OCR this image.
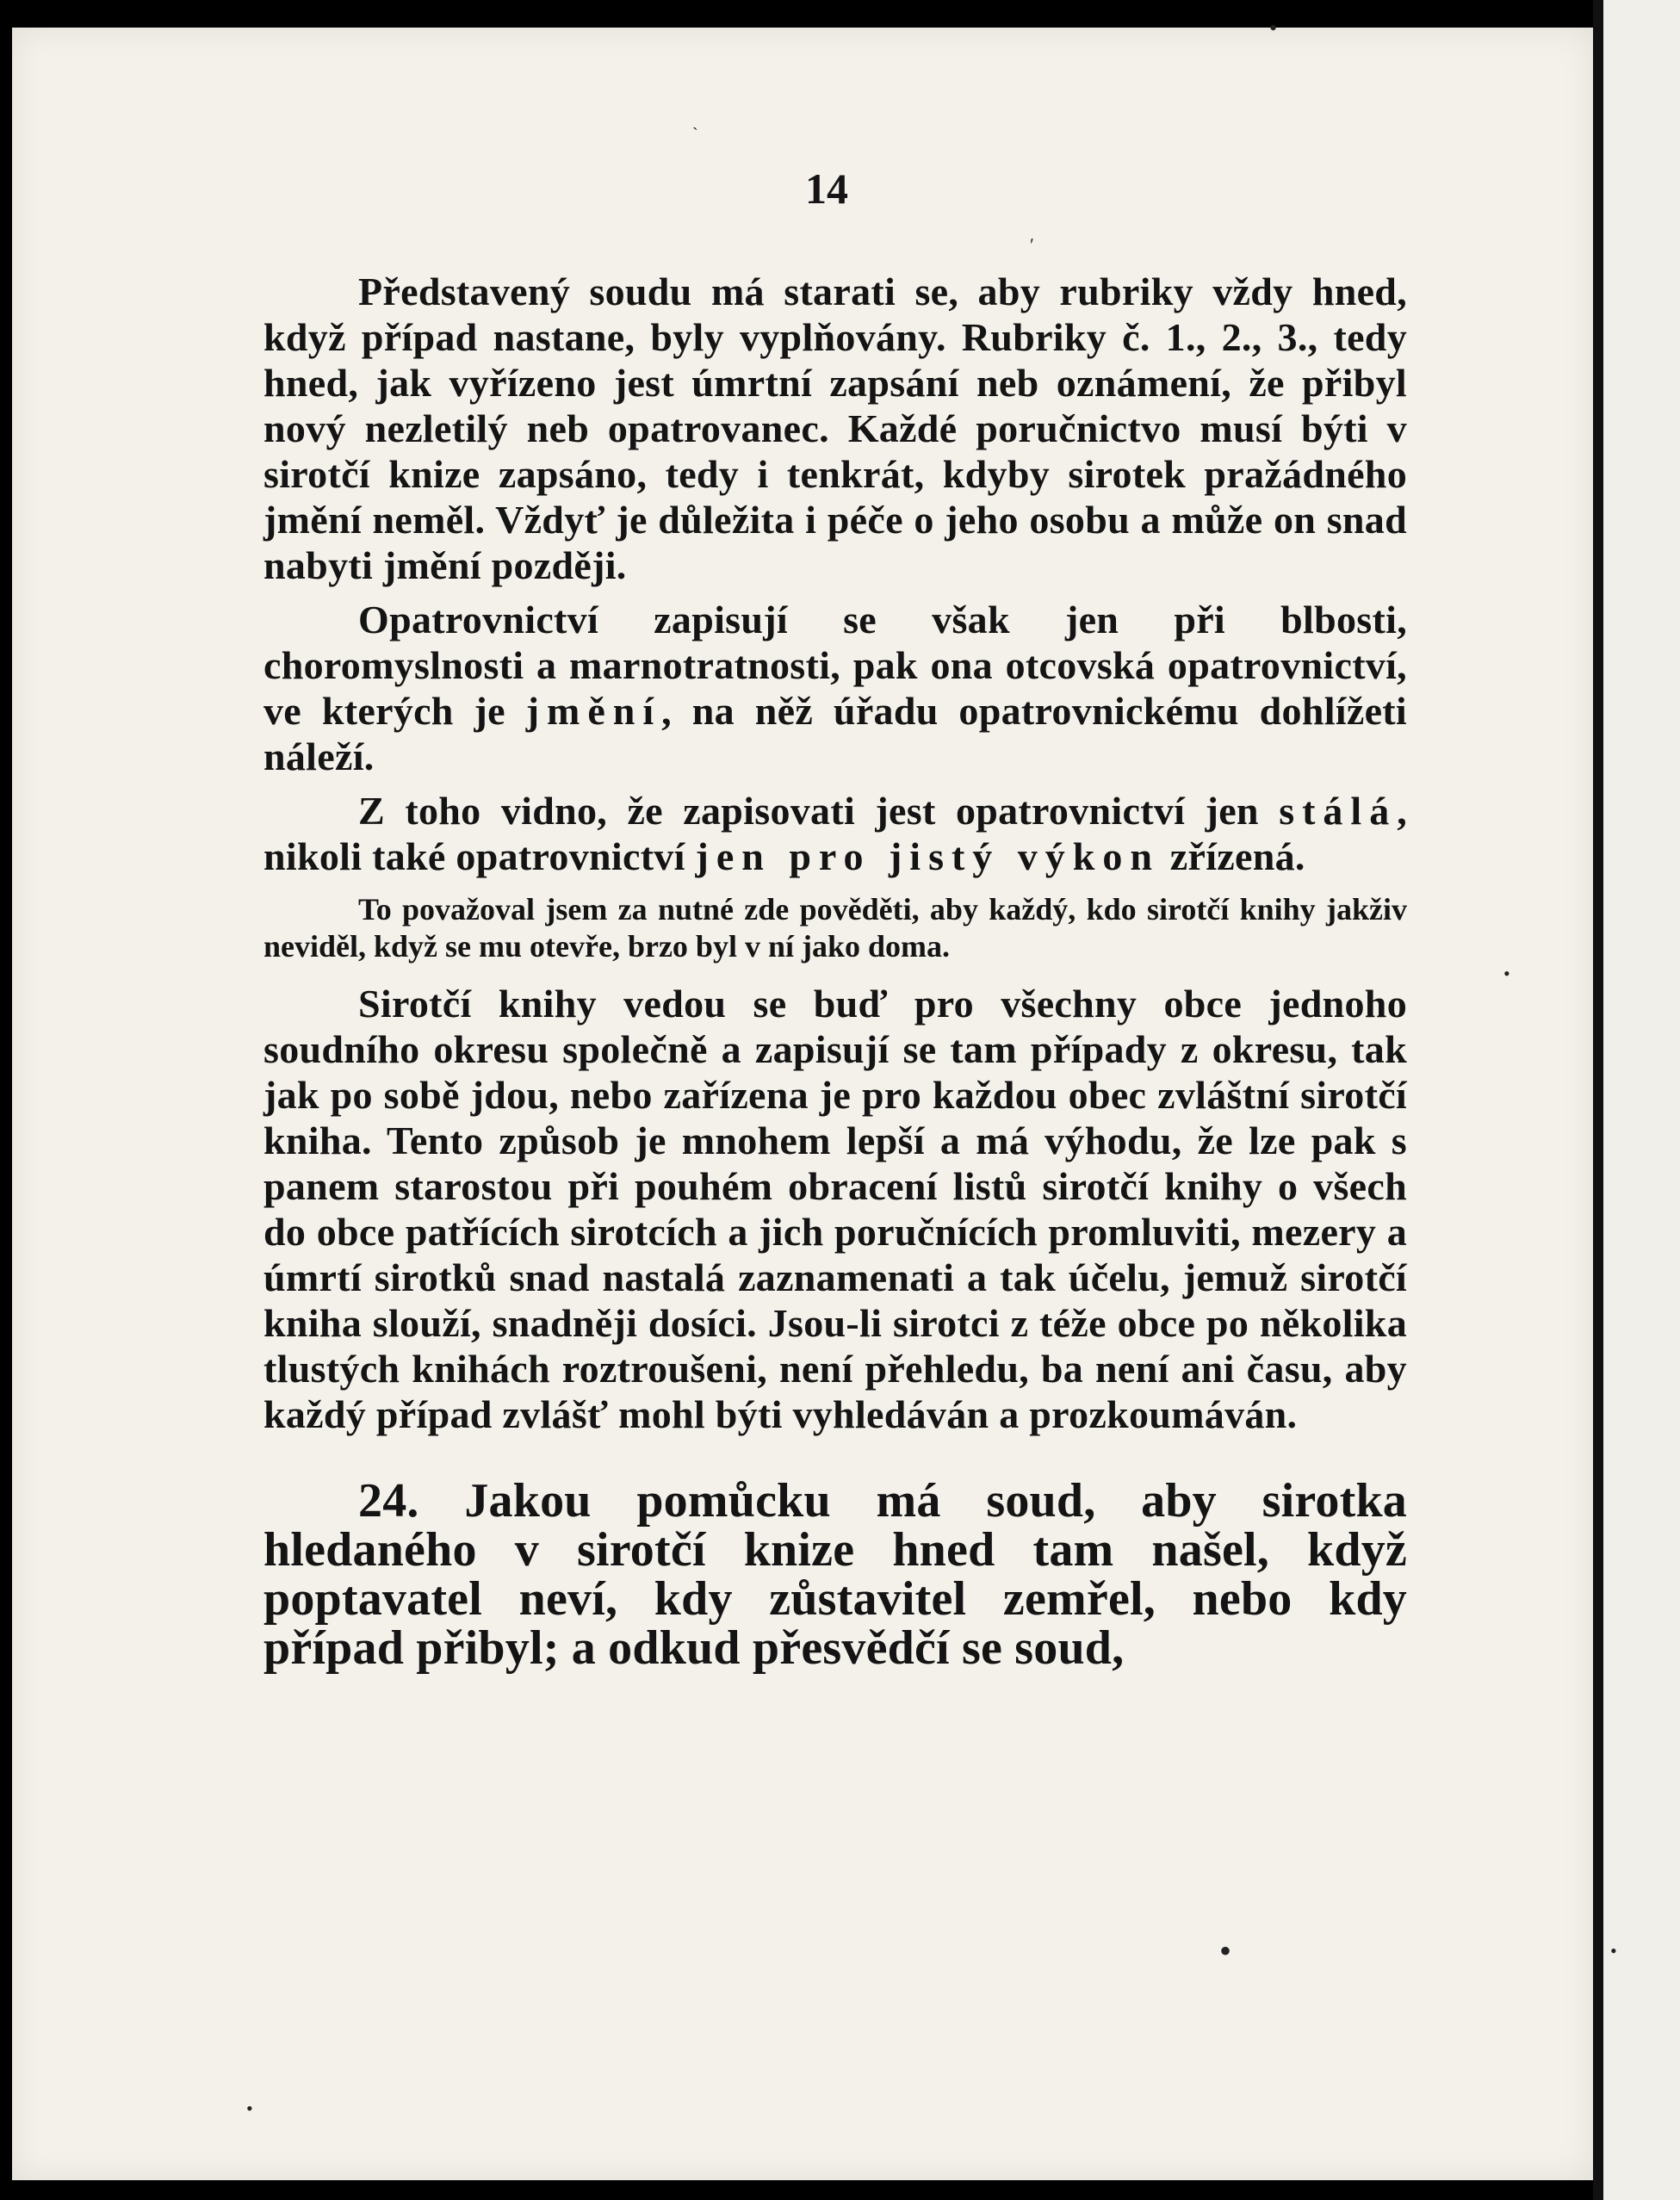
•
ˋ
ʹ
•
•
•
•
14

Představený soudu má starati se, aby rubriky vždy hned, když případ nastane, byly vyplňovány. Rubriky č. 1., 2., 3., tedy hned, jak vyřízeno jest úmrtní zapsání neb oznámení, že přibyl nový nezletilý neb opatrovanec. Každé poručnictvo musí býti v sirotčí knize zapsáno, tedy i tenkrát, kdyby sirotek pražádného jmění neměl. Vždyť je důležita i péče o jeho osobu a může on snad nabyti jmění později.

Opatrovnictví zapisují se však jen při blbosti, choromyslnosti a marnotratnosti, pak ona otcovská opatrovnictví, ve kterých je jmění, na něž úřadu opatrovnickému dohlížeti náleží.

Z toho vidno, že zapisovati jest opatrovnictví jen stálá, nikoli také opatrovnictví jen pro jistý výkon zřízená.

To považoval jsem za nutné zde pověděti, aby každý, kdo sirotčí knihy jakživ neviděl, když se mu otevře, brzo byl v ní jako doma.

Sirotčí knihy vedou se buď pro všechny obce jednoho soudního okresu společně a zapisují se tam případy z okresu, tak jak po sobě jdou, nebo zařízena je pro každou obec zvláštní sirotčí kniha. Tento způsob je mnohem lepší a má výhodu, že lze pak s panem starostou při pouhém obracení listů sirotčí knihy o všech do obce patřících sirotcích a jich poručnících promluviti, mezery a úmrtí sirotků snad nastalá zaznamenati a tak účelu, jemuž sirotčí kniha slouží, snadněji dosíci. Jsou-li sirotci z téže obce po několika tlustých knihách roztroušeni, není přehledu, ba není ani času, aby každý případ zvlášť mohl býti vyhledáván a prozkoumáván.

24. Jakou pomůcku má soud, aby sirotka hledaného v sirotčí knize hned tam našel, když poptavatel neví, kdy zůstavitel zemřel, nebo kdy případ přibyl; a odkud přesvědčí se soud,
